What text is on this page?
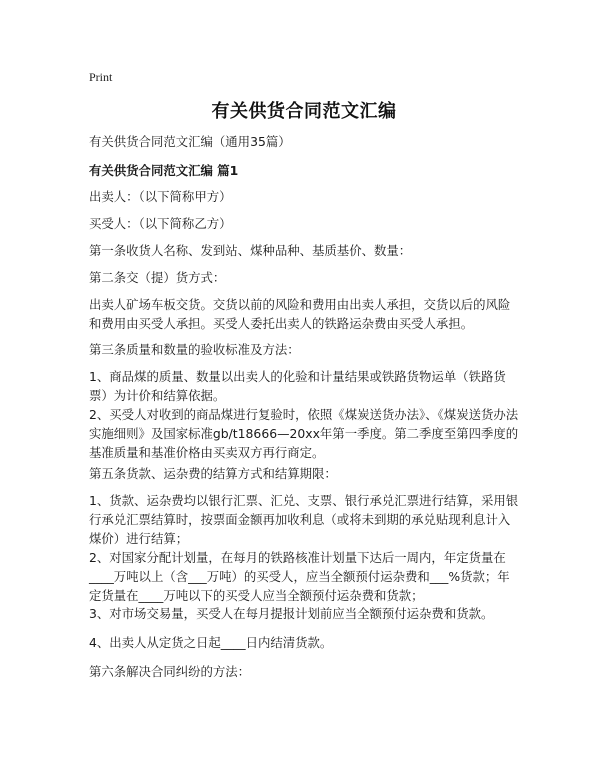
Print
有关供货合同范文汇编
有关供货合同范文汇编（通用35篇）
有关供货合同范文汇编 篇1
出卖人：（以下简称甲方）
买受人：（以下简称乙方）
第一条收货人名称、发到站、煤种品种、基质基价、数量：
第二条交（提）货方式：
出卖人矿场车板交货。交货以前的风险和费用由出卖人承担，交货以后的风险和费用由买受人承担。买受人委托出卖人的铁路运杂费由买受人承担。
第三条质量和数量的验收标准及方法：
1、商品煤的质量、数量以出卖人的化验和计量结果或铁路货物运单（铁路货票）为计价和结算依据。
2、买受人对收到的商品煤进行复验时，依照《煤炭送货办法》、《煤炭送货办法实施细则》及国家标准gb/t18666—20xx年第一季度。第二季度至第四季度的基准质量和基准价格由买卖双方再行商定。
第五条货款、运杂费的结算方式和结算期限：
1、货款、运杂费均以银行汇票、汇兑、支票、银行承兑汇票进行结算，采用银行承兑汇票结算时，按票面金额再加收利息（或将未到期的承兑贴现利息计入煤价）进行结算；
2、对国家分配计划量，在每月的铁路核准计划量下达后一周内，年定货量在____万吨以上（含___万吨）的买受人，应当全额预付运杂费和___%货款；年定货量在____万吨以下的买受人应当全额预付运杂费和货款；
3、对市场交易量，买受人在每月提报计划前应当全额预付运杂费和货款。
4、出卖人从定货之日起____日内结清货款。
第六条解决合同纠纷的方法：
